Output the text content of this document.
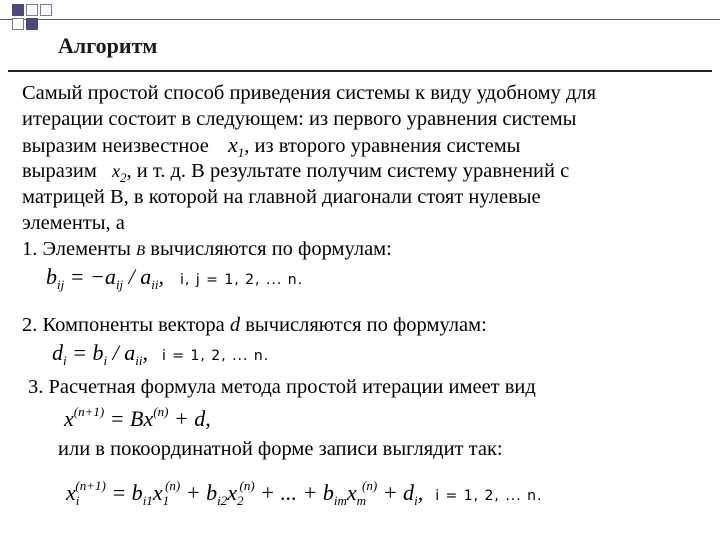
Алгоритм
Самый простой способ приведения системы к виду удобному для
итерации состоит в следующем: из первого уравнения системы
выразим неизвестное $x_1$, из второго уравнения системы
выразим $x_2$, и т. д. В результате получим систему уравнений с
матрицей B, в которой на главной диагонали стоят нулевые
элементы, а
1. Элементы B вычисляются по формулам:
$b_{ij} = -a_{ij} / a_{ii}$, i, j = 1, 2, ... n.
2. Компоненты вектора d вычисляются по формулам:
$d_i = b_i / a_{ii}$, i = 1, 2, ... n.
3. Расчетная формула метода простой итерации имеет вид
$x^{(n+1)} = Bx^{(n)} + d$,
или в покоординатной форме записи выглядит так:
$x_i^{(n+1)} = b_{i1}x_1^{(n)} + b_{i2}x_2^{(n)}$ + ... + $b_{im}x_m^{(n)} + d_i$, i = 1, 2, ... n.
